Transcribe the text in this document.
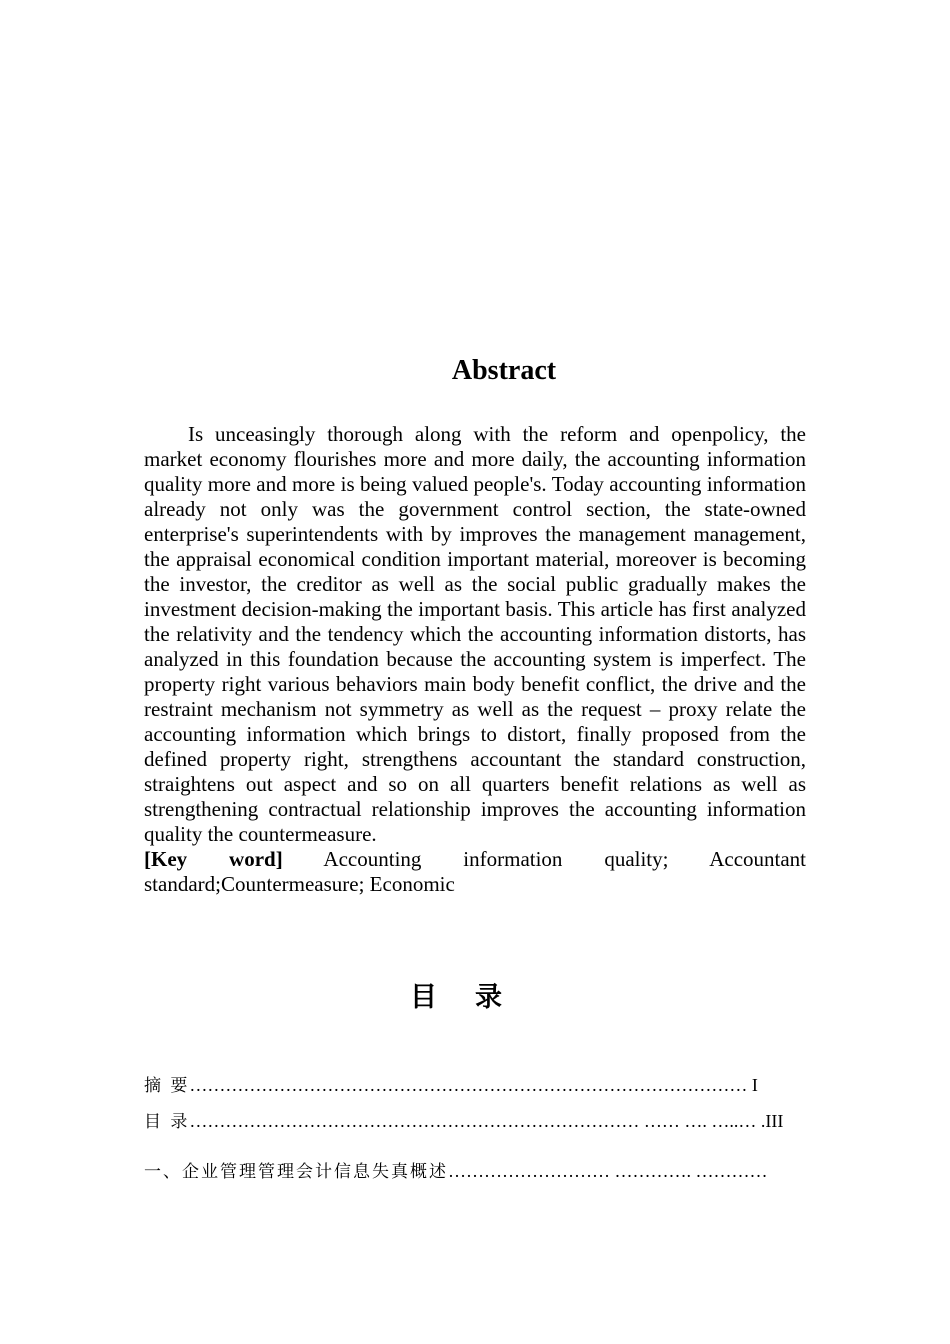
Abstract

Is unceasingly thorough along with the reform and openpolicy, the market economy flourishes more and more daily, the accounting information quality more and more is being valued people's. Today accounting information already not only was the government control section, the state-owned enterprise's superintendents with by improves the management management, the appraisal economical condition important material, moreover is becoming the investor, the creditor as well as the social public gradually makes the investment decision-making the important basis. This article has first analyzed the relativity and the tendency which the accounting information distorts, has analyzed in this foundation because the accounting system is imperfect. The property right various behaviors main body benefit conflict, the drive and the restraint mechanism not symmetry as well as the request – proxy relate the accounting information which brings to distort, finally proposed from the defined property right, strengthens accountant the standard construction, straightens out aspect and so on all quarters benefit relations as well as strengthening contractual relationship improves the accounting information quality the countermeasure.

[Key word] Accounting information quality; Accountant standard;Countermeasure; Economic

目录
摘 要………………………………………………………………………………… I
目 录………………………………………………………………… …… …. …..… .III
一、企业管理管理会计信息失真概述……………………… …………. …………
